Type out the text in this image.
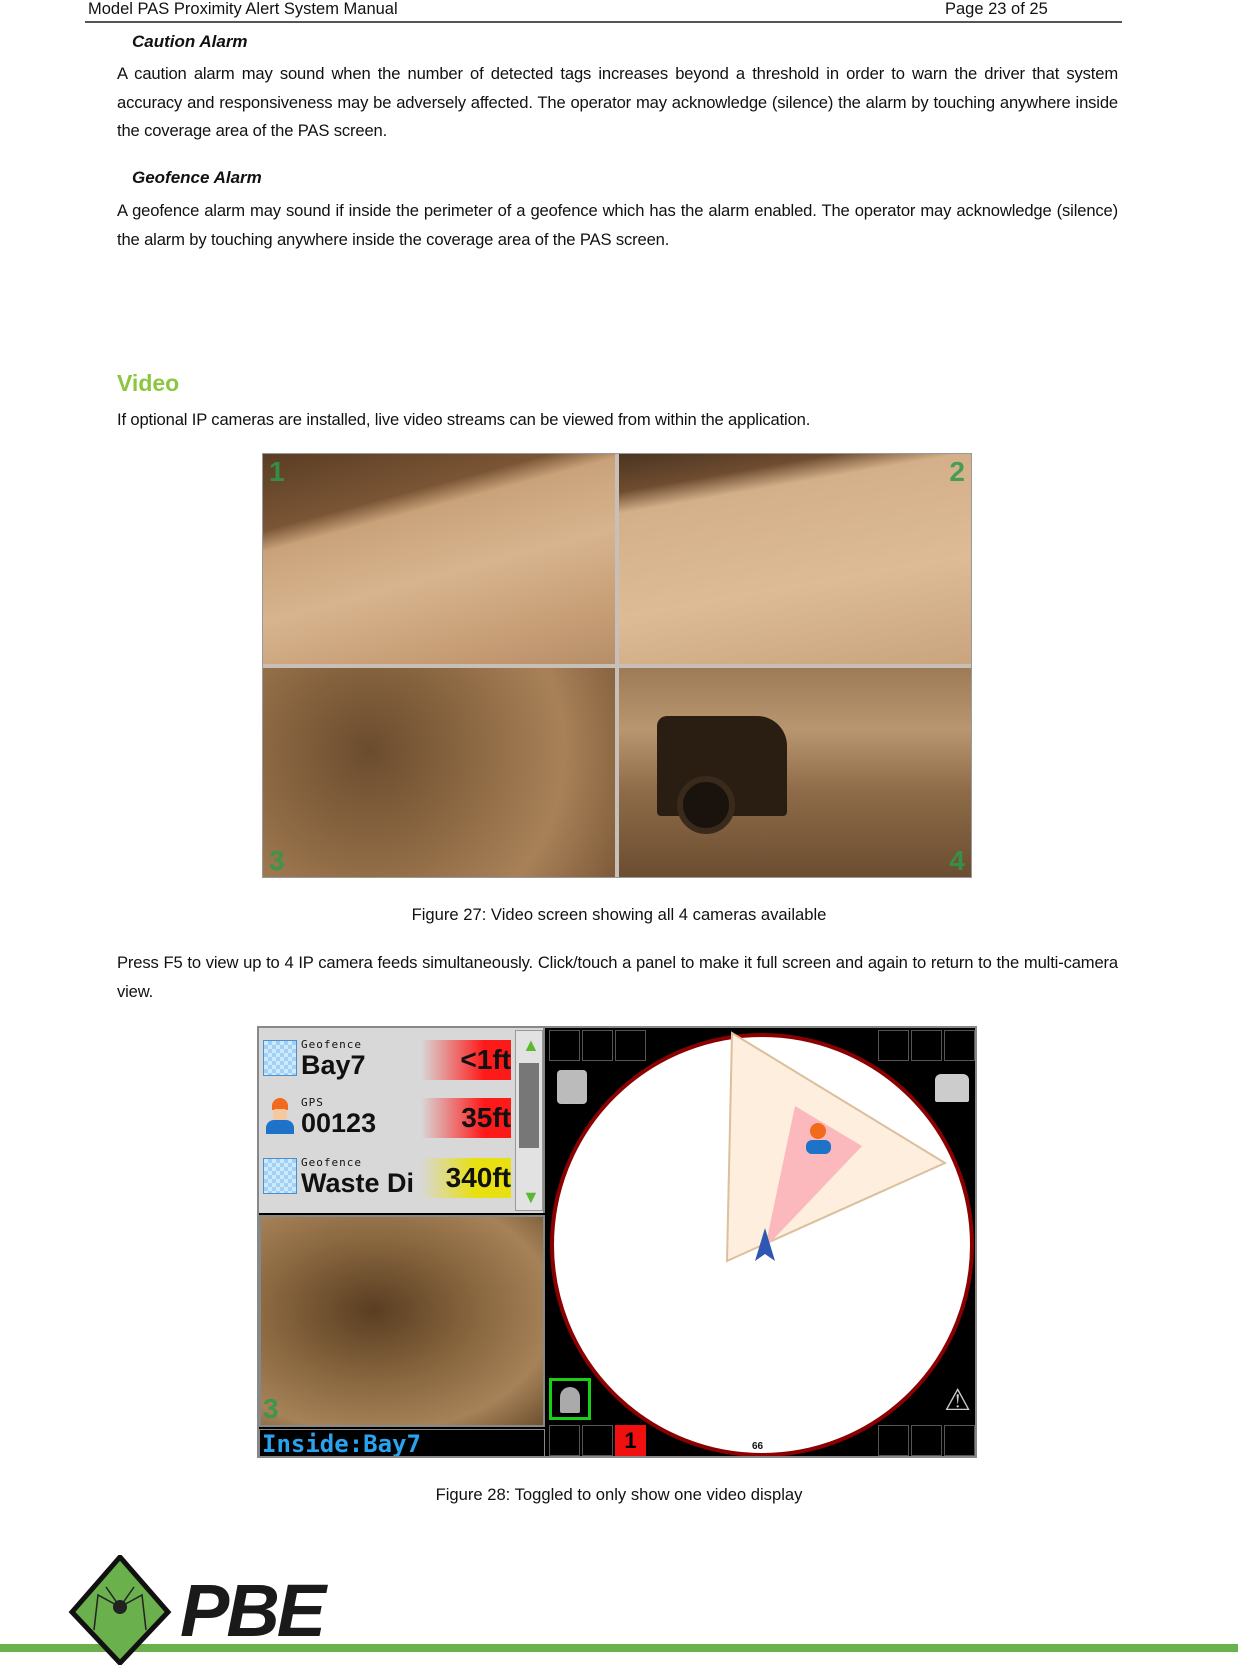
Model PAS Proximity Alert System Manual	Page 23 of 25
Caution Alarm
A caution alarm may sound when the number of detected tags increases beyond a threshold in order to warn the driver that system accuracy and responsiveness may be adversely affected. The operator may acknowledge (silence) the alarm by touching anywhere inside the coverage area of the PAS screen.
Geofence Alarm
A geofence alarm may sound if inside the perimeter of a geofence which has the alarm enabled. The operator may acknowledge (silence) the alarm by touching anywhere inside the coverage area of the PAS screen.
Video
If optional IP cameras are installed, live video streams can be viewed from within the application.
1	2
3	4
Figure 27: Video screen showing all 4 cameras available
Press F5 to view up to 4 IP camera feeds simultaneously. Click/touch a panel to make it full screen and again to return to the multi-camera view.
Geofence
Bay7	<1ft
GPS
00123	35ft
Geofence
Waste Di	340ft
▲
▼
3
Inside:Bay7
⚠
1	66
Figure 28: Toggled to only show one video display
PBE
